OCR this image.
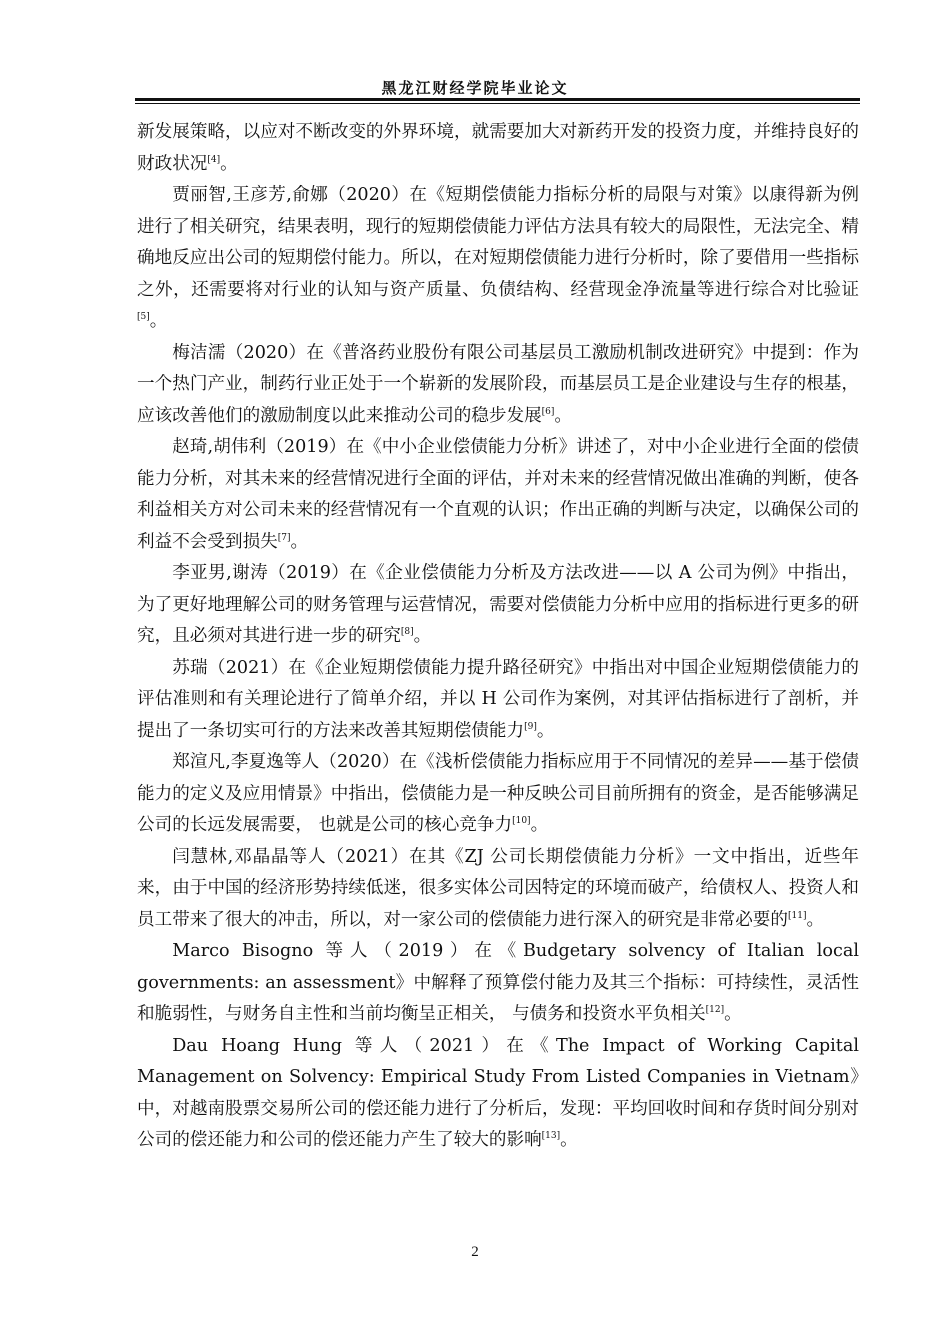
黑龙江财经学院毕业论文

新发展策略，以应对不断改变的外界环境，就需要加大对新药开发的投资力度，并维持良好的财政状况[4]。

贾丽智,王彦芳,俞娜（2020）在《短期偿债能力指标分析的局限与对策》以康得新为例进行了相关研究，结果表明，现行的短期偿债能力评估方法具有较大的局限性，无法完全、精确地反应出公司的短期偿付能力。所以，在对短期偿债能力进行分析时，除了要借用一些指标之外，还需要将对行业的认知与资产质量、负债结构、经营现金净流量等进行综合对比验证[5]。

梅洁濡（2020）在《普洛药业股份有限公司基层员工激励机制改进研究》中提到：作为一个热门产业，制药行业正处于一个崭新的发展阶段，而基层员工是企业建设与生存的根基，应该改善他们的激励制度以此来推动公司的稳步发展[6]。

赵琦,胡伟利（2019）在《中小企业偿债能力分析》讲述了，对中小企业进行全面的偿债能力分析，对其未来的经营情况进行全面的评估，并对未来的经营情况做出准确的判断，使各利益相关方对公司未来的经营情况有一个直观的认识；作出正确的判断与决定，以确保公司的利益不会受到损失[7]。

李亚男,谢涛（2019）在《企业偿债能力分析及方法改进——以 A 公司为例》中指出，为了更好地理解公司的财务管理与运营情况，需要对偿债能力分析中应用的指标进行更多的研究，且必须对其进行进一步的研究[8]。

苏瑞（2021）在《企业短期偿债能力提升路径研究》中指出对中国企业短期偿债能力的评估准则和有关理论进行了简单介绍，并以 H 公司作为案例，对其评估指标进行了剖析，并提出了一条切实可行的方法来改善其短期偿债能力[9]。

郑渲凡,李夏逸等人（2020）在《浅析偿债能力指标应用于不同情况的差异——基于偿债能力的定义及应用情景》中指出，偿债能力是一种反映公司目前所拥有的资金，是否能够满足公司的长远发展需要， 也就是公司的核心竞争力[10]。

闫慧林,邓晶晶等人（2021）在其《ZJ 公司长期偿债能力分析》一文中指出，近些年来，由于中国的经济形势持续低迷，很多实体公司因特定的环境而破产，给债权人、投资人和员工带来了很大的冲击，所以，对一家公司的偿债能力进行深入的研究是非常必要的[11]。

Marco Bisogno 等人（2019）在《Budgetary solvency of Italian local governments: an assessment》中解释了预算偿付能力及其三个指标：可持续性，灵活性和脆弱性，与财务自主性和当前均衡呈正相关， 与债务和投资水平负相关[12]。

Dau Hoang Hung 等人（2021）在《The Impact of Working Capital Management on Solvency: Empirical Study From Listed Companies in Vietnam》中，对越南股票交易所公司的偿还能力进行了分析后，发现：平均回收时间和存货时间分别对公司的偿还能力和公司的偿还能力产生了较大的影响[13]。

2
